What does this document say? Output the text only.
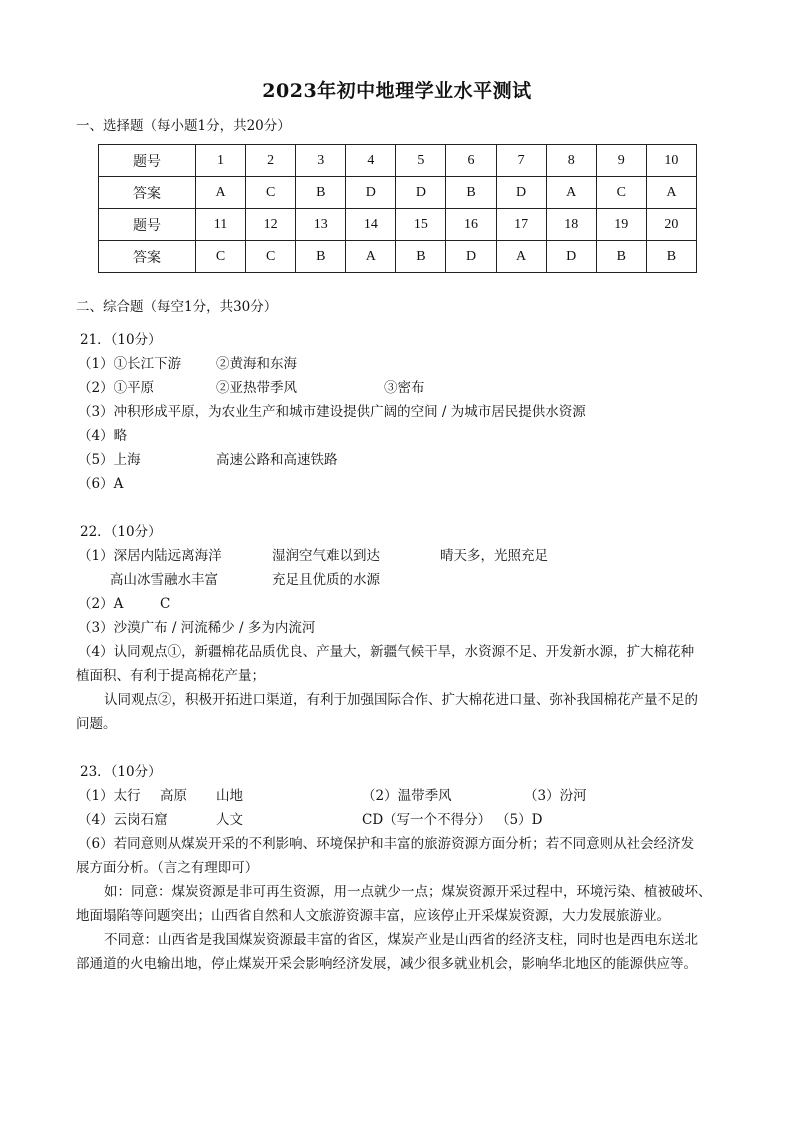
2023年初中地理学业水平测试
一、选择题（每小题1分，共20分）
题号	1	2	3	4	5	6	7	8	9	10
答案	A	C	B	D	D	B	D	A	C	A
题号	11	12	13	14	15	16	17	18	19	20
答案	C	C	B	A	B	D	A	D	B	B
二、综合题（每空1分，共30分）
21．（10分）
（1）①长江下游	②黄海和东海
（2）①平原	②亚热带季风	③密布
（3）冲积形成平原，为农业生产和城市建设提供广阔的空间 / 为城市居民提供水资源
（4）略
（5）上海	高速公路和高速铁路
（6）A
22．（10分）
（1）深居内陆远离海洋	湿润空气难以到达	晴天多，光照充足
高山冰雪融水丰富	充足且优质的水源
（2）A	C
（3）沙漠广布 / 河流稀少 / 多为内流河
（4）认同观点①，新疆棉花品质优良、产量大，新疆气候干旱，水资源不足、开发新水源，扩大棉花种
植面积、有利于提高棉花产量；
认同观点②，积极开拓进口渠道，有利于加强国际合作、扩大棉花进口量、弥补我国棉花产量不足的
问题。
23．（10分）
（1）太行 高原 山地	（2）温带季风	（3）汾河
（4）云岗石窟	人文	CD（写一个不得分） （5）D
（6）若同意则从煤炭开采的不利影响、环境保护和丰富的旅游资源方面分析；若不同意则从社会经济发
展方面分析。（言之有理即可）
如：同意：煤炭资源是非可再生资源，用一点就少一点；煤炭资源开采过程中，环境污染、植被破坏、
地面塌陷等问题突出；山西省自然和人文旅游资源丰富，应该停止开采煤炭资源，大力发展旅游业。
不同意：山西省是我国煤炭资源最丰富的省区，煤炭产业是山西省的经济支柱，同时也是西电东送北
部通道的火电输出地，停止煤炭开采会影响经济发展，减少很多就业机会，影响华北地区的能源供应等。
